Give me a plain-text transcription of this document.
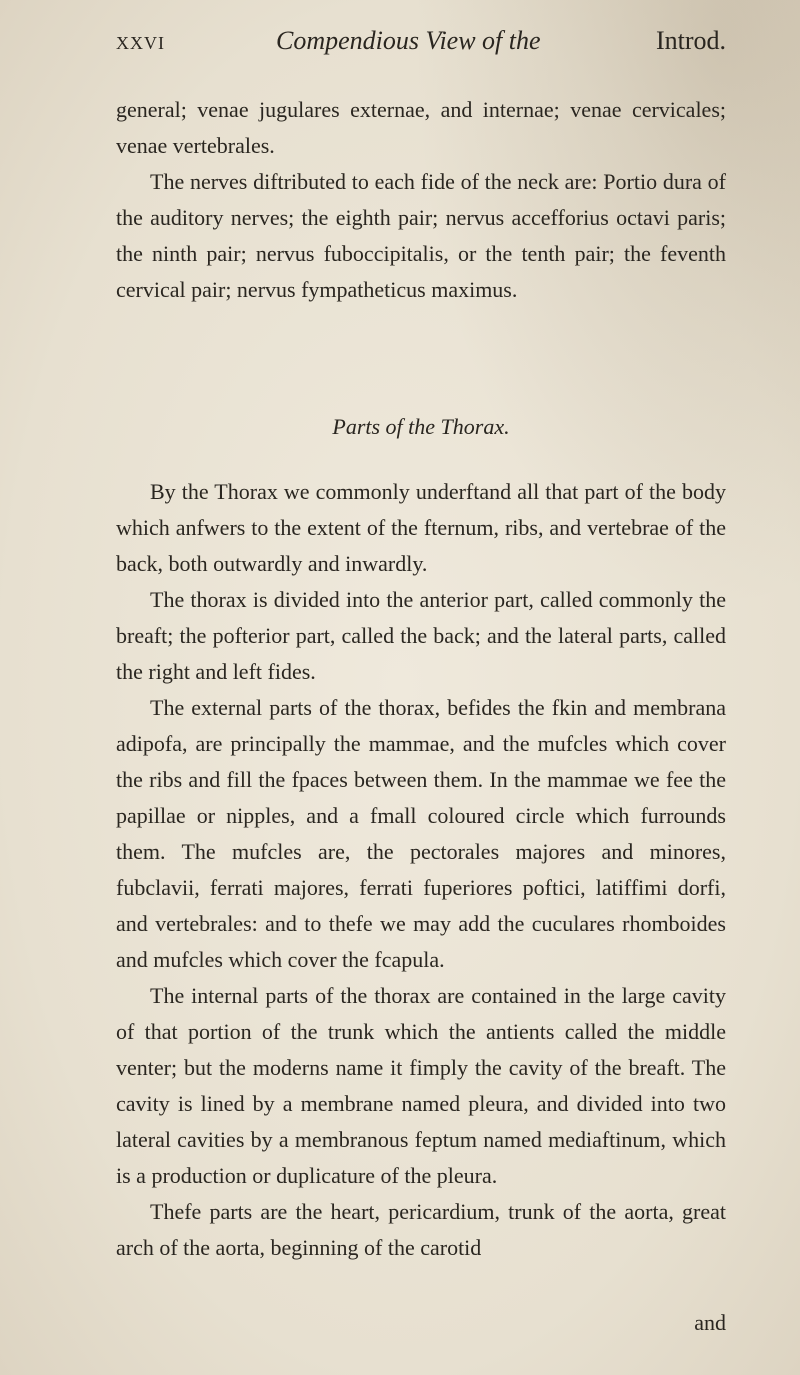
xxvi	Compendious View of the	Introd.

general; venae jugulares externae, and internae; venae cervicales; venae vertebrales.

The nerves diftributed to each fide of the neck are: Portio dura of the auditory nerves; the eighth pair; nervus accefforius octavi paris; the ninth pair; nervus fuboccipitalis, or the tenth pair; the feventh cervical pair; nervus fympatheticus maximus.

Parts of the Thorax.

By the Thorax we commonly underftand all that part of the body which anfwers to the extent of the fternum, ribs, and vertebrae of the back, both outwardly and inwardly.

The thorax is divided into the anterior part, called commonly the breaft; the pofterior part, called the back; and the lateral parts, called the right and left fides.

The external parts of the thorax, befides the fkin and membrana adipofa, are principally the mammae, and the mufcles which cover the ribs and fill the fpaces between them. In the mammae we fee the papillae or nipples, and a fmall coloured circle which furrounds them. The mufcles are, the pectorales majores and minores, fubclavii, ferrati majores, ferrati fuperiores poftici, latiffimi dorfi, and vertebrales: and to thefe we may add the cuculares rhomboides and mufcles which cover the fcapula.

The internal parts of the thorax are contained in the large cavity of that portion of the trunk which the antients called the middle venter; but the moderns name it fimply the cavity of the breaft. The cavity is lined by a membrane named pleura, and divided into two lateral cavities by a membranous feptum named mediaftinum, which is a production or duplicature of the pleura.

Thefe parts are the heart, pericardium, trunk of the aorta, great arch of the aorta, beginning of the carotid

and
